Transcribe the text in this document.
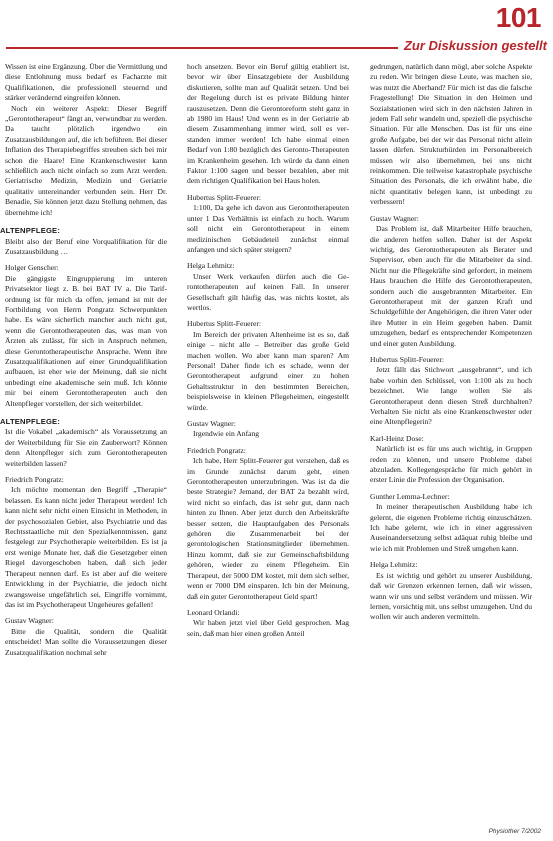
101
Zur Diskussion gestellt
Wissen ist eine Ergänzung. Über die Vermittlung und diese Entlohnung muss bedarf es Facharzte mit Qualifikationen, die professionell steuernd und stärker verändernd eingreifen können.
Noch ein weiterer Aspekt: Dieser Begriff „Gerontotherapeut“ fängt an, verwundbar zu werden. Da taucht plötzlich irgendwo ein Zusatzausbildungen auf, die ich beführen. Bei dieser Inflation des Therapiebegriffes streuben sich bei mir schon die Haare! Eine Krankenschwester kann schließlich auch nicht einfach so zum Arzt werden. Geriatrische Medizin, Medizin und Geriatrie qualitativ untereinander verbunden sein. Herr Dr. Benadie, Sie können jetzt dazu Stellung nehmen, das übernehme ich!
ALTENPFLEGE:
Bleibt also der Beruf eine Vorqualifikation für die Zusatzausbildung …
Holger Genscher:
Die gängigste Eingruppierung im unteren Privatsektor liegt z. B. bei BAT IV a. Die Tarifordnung ist für mich da offen, jemand ist mit der Fortbildung von Herrn Pongratz Schwerpunkten habe. Es wäre sicherlich mancher auch nicht gut, wenn die Gerontotherapeuten das, was man von Ärzten als zulässt, für sich in Anspruch nehmen, diese Gerontotherapeutische Ansprache. Wenn ihre Zusatzqualifikationen auf einer Grundqualifikation aufbauen, ist eher wie der Meinung, daß sie nicht unbedingt eine akademische sein muß. Ich könnte mir bei einem Gerontotherapeuten auch den Altenpfleger vorstellen, der sich weiterbildet.
ALTENPFLEGE:
Ist die Vokabel „akademisch“ als Voraussetzung an der Weiterbildung für Sie ein Zauberwort? Können denn Altenpfleger sich zum Gerontotherapeuten weiterbilden lassen?
Friedrich Pongratz:
Ich möchte momentan den Begriff „Therapie“ belassen. Es kann nicht jeder Therapeut werden! Ich kann nicht sehr nicht einen Einsicht in Methoden, in der psychosozialen Gebiet, also Psychiatrie und das Rechtsstaatliche mit den Spezialkenntnissen, ganz festgelegt zur Psychotherapie weiterbilden. Es ist ja erst wenige Monate her, daß die Gesetzgeber einen Riegel davorgeschoben haben, daß sich jeder Therapeut nennen darf. Es ist aber auf die weitere Entwicklung in der Psychiatrie, die jedoch nicht zwangsweise ungefährlich sei, Eingriffe vornimmt, das ist im Psychotherapeut Ungeheures gefallen!
Gustav Wagner:
Bitte die Qualität, sondern die Qualität entscheidet! Man sollte die Voraussetzungen dieser Zusatzqualifikation nochmal sehr
hoch ansetzen. Bevor ein Beruf gültig etabliert ist, bevor wir über Einsatzgebiete der Ausbildung diskutieren, sollte man auf Qualität setzen. Und bei der Regelung durch ist es private Bildung hinter rauszusetzen. Denn die Gerontoreform steht ganz in ab 1980 im Haus! Und wenn es in der Geriatrie ab diesem Zusammenhang immer wird, soll es verstanden immer werden! Ich habe einmal einen Bedarf von 1:80 bezüglich des Geronto-Therapeuten im Krankenheim gesehen. Ich würde da dann einen Faktor 1:100 sagen und besser bezahlen, aber mit dem richtigen Qualifikation bei Haus holen.
Hubertus Splitt-Feuerer:
1:100, Da gehe ich davon aus Gerontotherapeuten unter 1 Das Verhältnis ist einfach zu hoch. Warum soll nicht ein Gerontotherapeut in einem medizinischen Gebäudeteil zunächst einmal anfangen und sich später steigern?
Helga Lehmitz:
Unser Werk verkaufen dürfen auch die Gerontotherapeuten auf keinen Fall. In unserer Gesellschaft gilt häufig das, was nichts kostet, als wertlos.
Hubertus Splitt-Feuerer:
Im Bereich der privaten Altenheime ist es so, daß einige – nicht alle – Betreiber das große Geld machen wollen. Wo aber kann man sparen? Am Personal! Daher finde ich es schade, wenn der Gerontotherapeut aufgrund einer zu hohen Gehaltsstruktur in den bestimmten Bereichen, beispielsweise in kleinen Pflegeheimen, eingestellt würde.
Gustav Wagner:
Irgendwie ein Anfang
Friedrich Pongratz:
Ich habe, Herr Splitt-Feuerer gut verstehen, daß es im Grunde zunächst darum geht, einen Gerontotherapeuten unterzubringen. Was ist da die beste Strategie? Jemand, der BAT 2a bezahlt wird, wird nicht so einfach, das ist sehr gut, dann nach hinten zu Ihnen. Aber jetzt durch den Arbeitskräfte besser setzen, die Hauptaufgaben des Personals gehören die Zusammenarbeit bei der gerontologischen Stationsmitglieder übernehmen. Hinzu kommt, daß sie zur Gemeinschaftsbildung gehören, wieder zu einem Pflegeheim. Ein Therapeut, der 5000 DM kostet, mit dem sich selber, wenn er 7000 DM einsparen. Ich bin der Meinung, daß ein guter Gerontotherapeut Geld spart!
Leonard Orlandi:
Wir haben jetzt viel über Geld gesprochen. Mag sein, daß man hier einen großen Anteil
gedrungen, natürlich dann mögl, aber solche Aspekte zu reden. Wir bringen diese Leute, was machen sie, was nutzt die Aberhand? Für mich ist das die falsche Fragestellung! Die Situation in den Heimen und Sozialstationen wird sich in den nächsten Jahren in jedem Fall sehr wandeln und, speziell die psychische Situation. Für alle Menschen. Das ist für uns eine große Aufgabe, bei der wir das Personal nicht allein lassen dürfen. Strukturhürden im Personalbereich müssen wir also übernehmen, bei uns nicht reinkommen. Die teilweise katastrophale psychische Situation des Personals, die ich erwähnt habe, die nicht quantitativ belegen kann, ist unbedingt zu verbessern!
Gustav Wagner:
Das Problem ist, daß Mitarbeiter Hilfe brauchen, die anderen helfen sollen. Daher ist der Aspekt wichtig, des Gerontotherapeuten als Berater und Supervisor, eben auch für die Mitarbeiter da sind. Nicht nur die Pflegekräfte sind gefordert, in meinem Haus brauchen die Hilfe des Gerontotherapeuten, sondern auch die ausgebrannten Mitarbeiter. Ein Gerontotherapeut mit der ganzen Kraft und Schuldgefühle der Angehörigen, die ihren Vater oder ihre Mutter in ein Heim gegeben haben. Damit umzugehen, bedarf es entsprechender Kompetenzen und einer guten Ausbildung.
Hubertus Splitt-Feuerer:
Jetzt fällt das Stichwort „ausgebrannt“, und ich habe vorhin den Schlüssel, von 1:100 als zu hoch bezeichnet. Wie lange wollen Sie als Gerontotherapeut denn diesen Streß durchhalten? Verhalten Sie nicht als eine Krankenschwester oder eine Altenpflegerin?
Karl-Heinz Dose:
Natürlich ist es für uns auch wichtig, in Gruppen reden zu können, und unsere Probleme dabei abzuladen. Kollegengespräche für mich gehört in erster Linie die Profession der Organisation.
Gunther Lemma-Lechner:
In meiner therapeutischen Ausbildung habe ich gelernt, die eigenen Probleme richtig einzuschätzen. Ich habe gelernt, wie ich in einer aggressiven Auseinandersetzung selbst adäquat ruhig bleibe und wie ich mit Problemen und Streß umgehen kann.
Helga Lehmitz:
Es ist wichtig und gehört zu unserer Ausbildung, daß wir Grenzen erkennen lernen, daß wir wissen, wann wir uns und selbst verändern und müssen. Wir lernen, vorsichtig mit, uns selbst umzugehen. Und du wollen wir auch anderen vermitteln.
Physiother 7/2002
